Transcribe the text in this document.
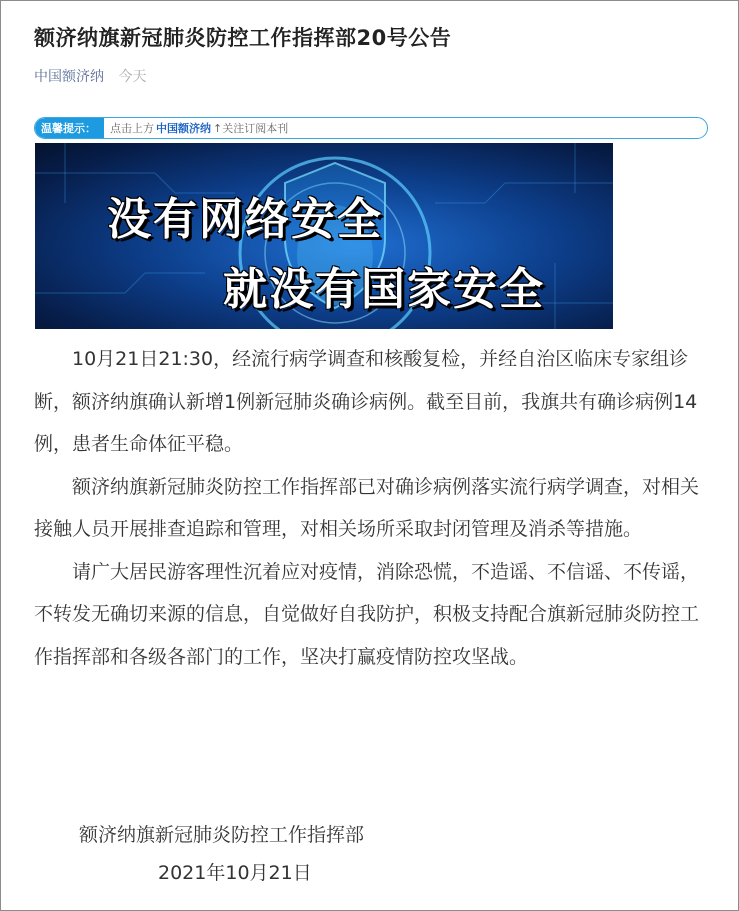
额济纳旗新冠肺炎防控工作指挥部20号公告
中国额济纳 今天
温馨提示：	点击上方 中国额济纳 ↑关注订阅本刊
没有网络安全
就没有国家安全

10月21日21:30，经流行病学调查和核酸复检，并经自治区临床专家组诊断，额济纳旗确认新增1例新冠肺炎确诊病例。截至目前，我旗共有确诊病例14例，患者生命体征平稳。

额济纳旗新冠肺炎防控工作指挥部已对确诊病例落实流行病学调查，对相关接触人员开展排查追踪和管理，对相关场所采取封闭管理及消杀等措施。

请广大居民游客理性沉着应对疫情，消除恐慌，不造谣、不信谣、不传谣，不转发无确切来源的信息，自觉做好自我防护，积极支持配合旗新冠肺炎防控工作指挥部和各级各部门的工作，坚决打赢疫情防控攻坚战。

额济纳旗新冠肺炎防控工作指挥部
2021年10月21日
